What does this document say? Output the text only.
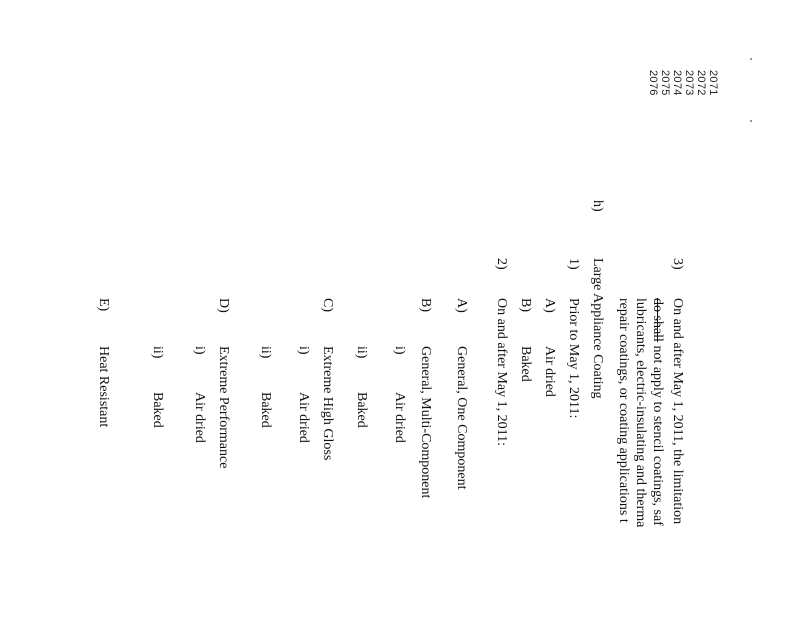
2071
2072
2073
2074
2075
2076
3)
On and after May 1, 2011, the limitation
do shall not apply to stencil coatings, saf
lubricants, electric-insulating and therma
repair coatings, or coating applications t
h)
Large Appliance Coating
1)
Prior to May 1, 2011:
A)
Air dried
B)
Baked
2)
On and after May 1, 2011:
A)
General, One Component
B)
General, Multi-Component
i)
Air dried
ii)
Baked
C)
Extreme High Gloss
i)
Air dried
ii)
Baked
D)
Extreme Performance
i)
Air dried
ii)
Baked
E)
Heat Resistant
